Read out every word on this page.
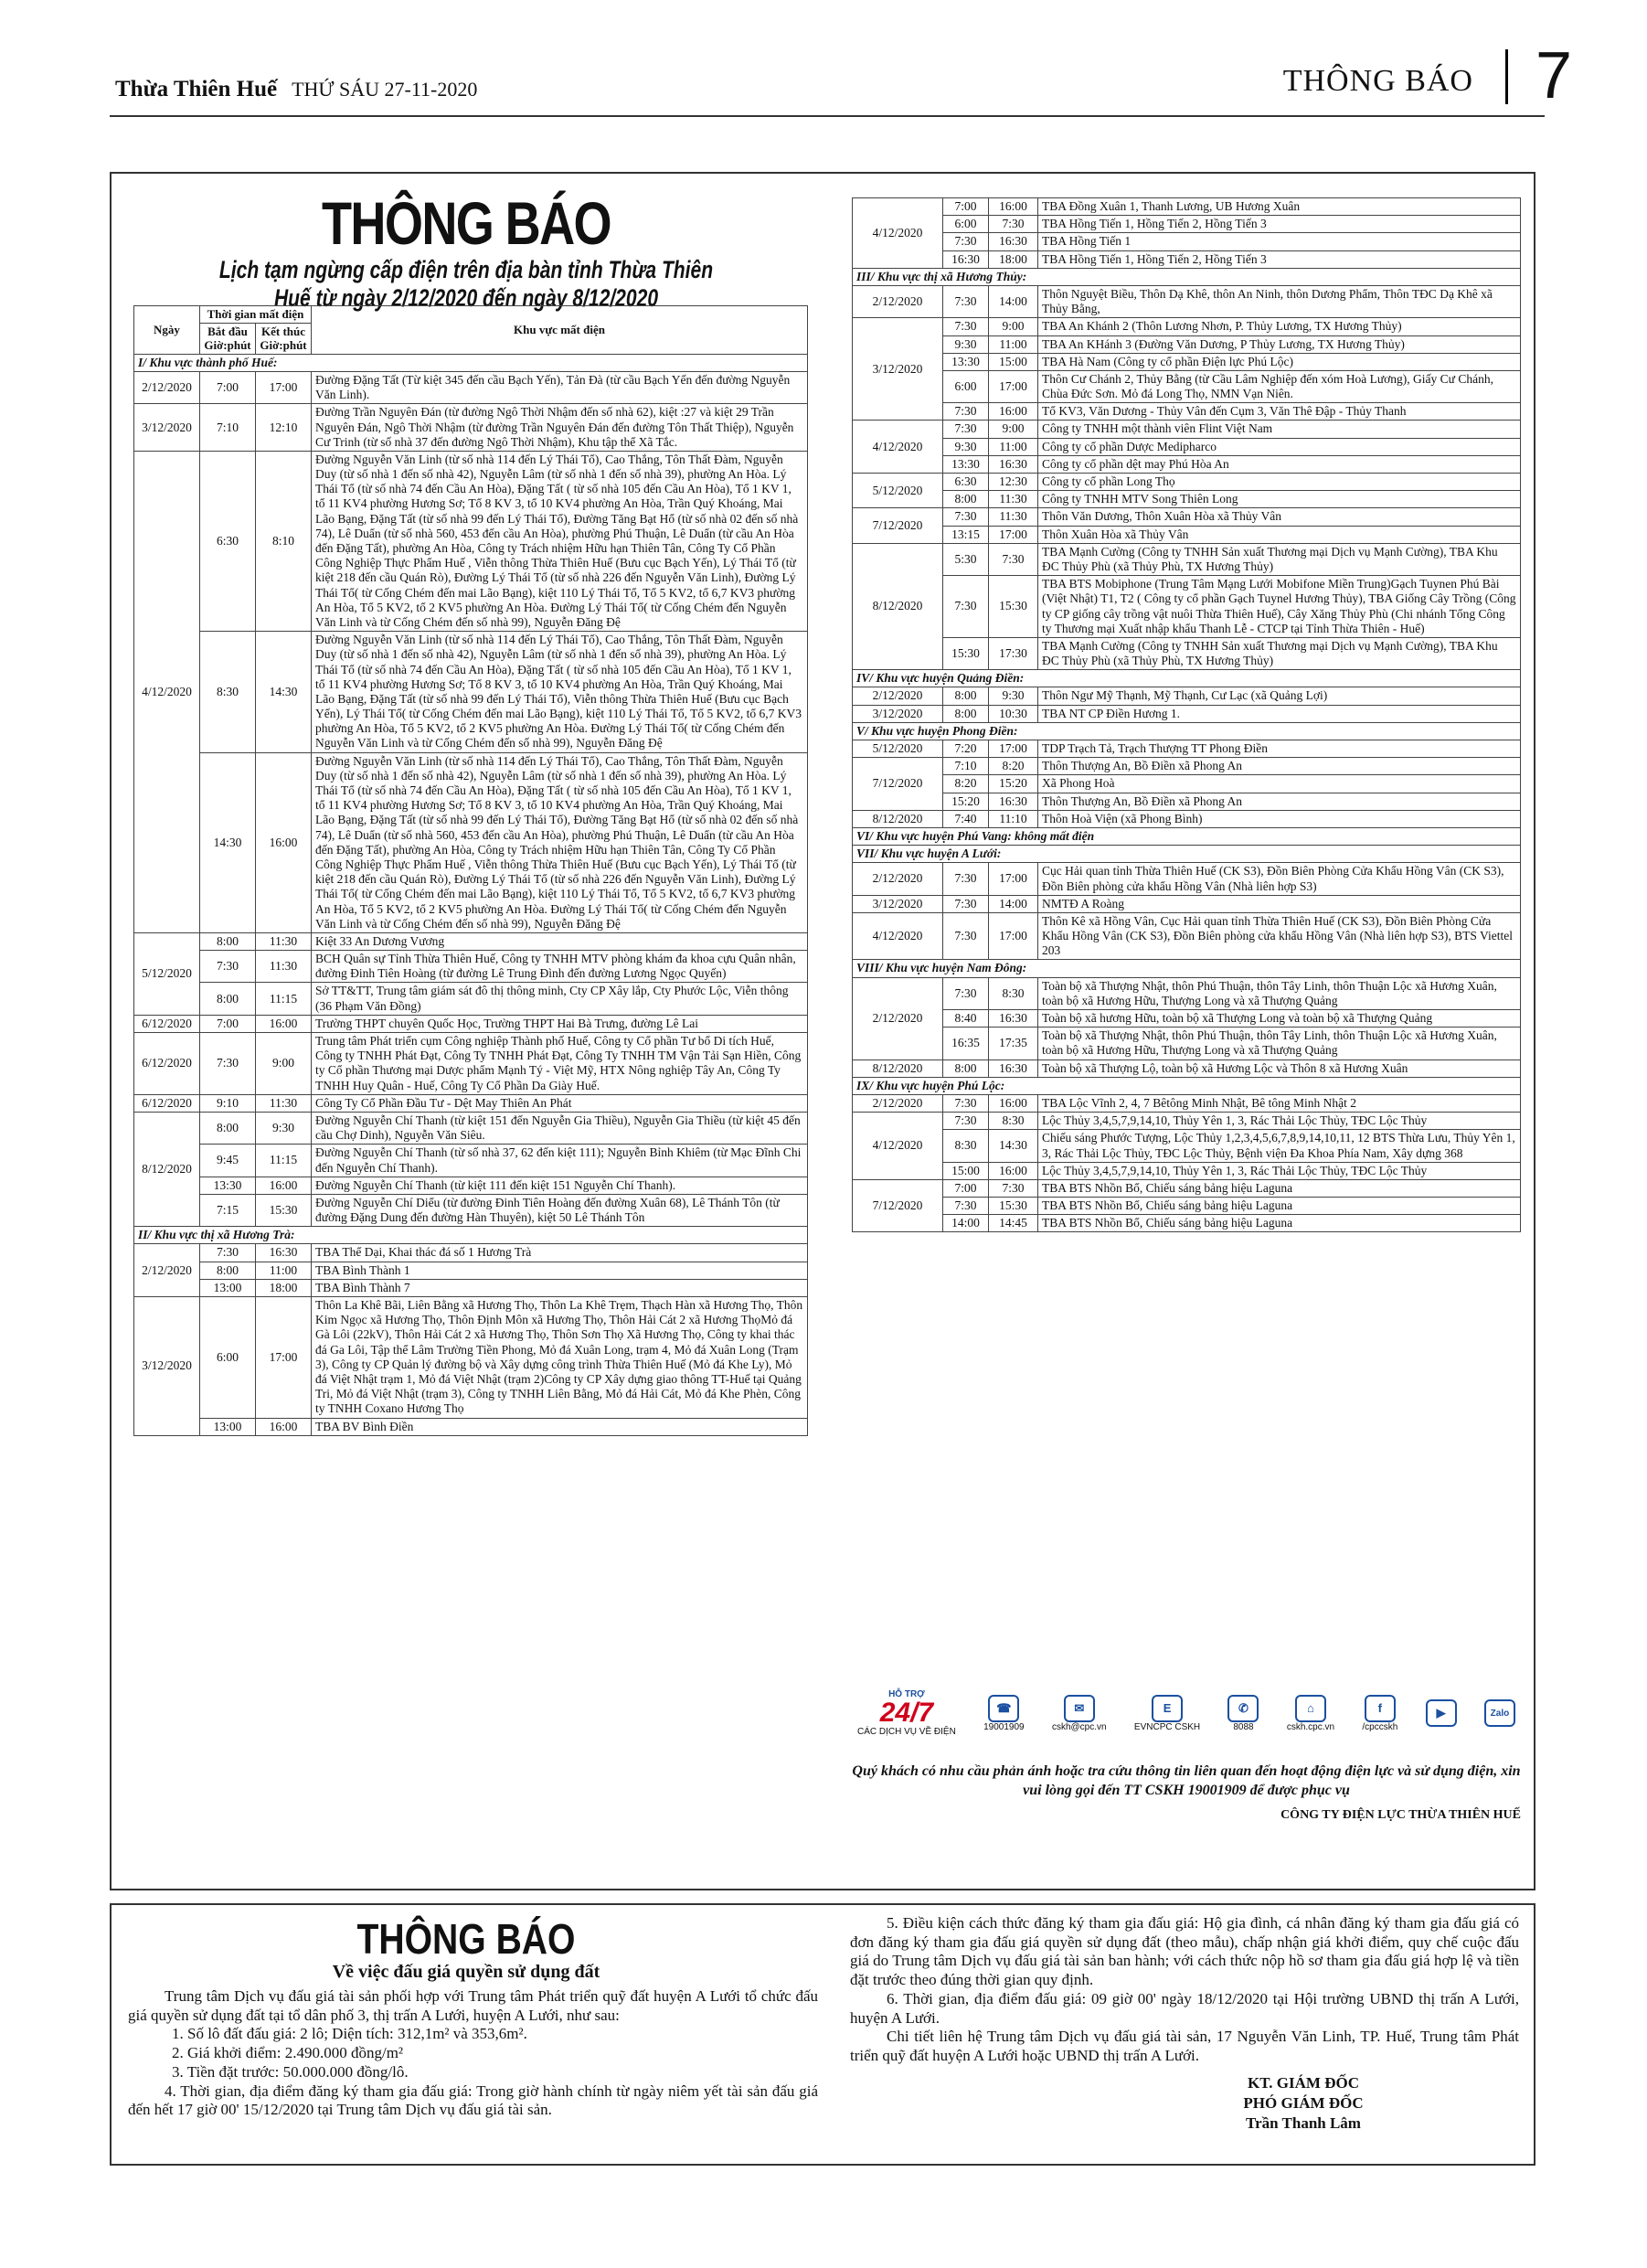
Thừa Thiên Huế THỨ SÁU 27-11-2020	THÔNG BÁO 7
THÔNG BÁO
Lịch tạm ngừng cấp điện trên địa bàn tỉnh Thừa Thiên Huế từ ngày 2/12/2020 đến ngày 8/12/2020
Ngày	Thời gian mất điện		Khu vực mất điện
	Bắt đầu Giờ:phút	Kết thúc Giờ:phút	
I/ Khu vực thành phố Huế:			
2/12/2020	7:00	17:00	Đường Đặng Tất (Từ kiệt 345 đến cầu Bạch Yến), Tản Đà (từ cầu Bạch Yến đến đường Nguyễn Văn Linh).
3/12/2020	7:10	12:10	Đường Trần Nguyên Đán (từ đường Ngô Thời Nhậm đến số nhà 62), kiệt :27 và kiệt 29 Trần Nguyên Đán, Ngô Thời Nhậm (từ đường Trần Nguyên Đán đến đường Tôn Thất Thiệp), Nguyễn Cư Trinh (từ số nhà 37 đến đường Ngô Thời Nhậm), Khu tập thể Xã Tắc.
4/12/2020	6:30	8:10	Đường Nguyễn Văn Linh (từ số nhà 114 đến Lý Thái Tổ), Cao Thắng, Tôn Thất Đàm, Nguyễn Duy (từ số nhà 1 đến số nhà 42), Nguyễn Lâm (từ số nhà 1 đến số nhà 39), phường An Hòa. Lý Thái Tổ (từ số nhà 74 đến Cầu An Hòa), Đặng Tất ( từ số nhà 105 đến Cầu An Hòa), Tổ 1 KV 1, tổ 11 KV4 phường Hương Sơ; Tổ 8 KV 3, tổ 10 KV4 phường An Hòa, Trần Quý Khoáng, Mai Lão Bạng, Đặng Tất (từ số nhà 99 đến Lý Thái Tổ), Đường Tăng Bạt Hổ (từ số nhà 02 đến số nhà 74), Lê Duẩn (từ số nhà 560, 453 đến cầu An Hòa), phường Phú Thuận, Lê Duẩn (từ cầu An Hòa đến Đặng Tất), phường An Hòa, Công ty Trách nhiệm Hữu hạn Thiên Tân, Công Ty Cổ Phần Công Nghiệp Thực Phẩm Huế , Viễn thông Thừa Thiên Huế (Bưu cục Bạch Yến), Lý Thái Tổ (từ kiệt 218 đến cầu Quán Rò), Đường Lý Thái Tổ (từ số nhà 226 đến Nguyễn Văn Linh), Đường Lý Thái Tổ( từ Cống Chém đến mai Lão Bạng), kiệt 110 Lý Thái Tổ, Tổ 5 KV2, tổ 6,7 KV3 phường An Hòa, Tổ 5 KV2, tổ 2 KV5 phường An Hòa. Đường Lý Thái Tổ( từ Cống Chém đến Nguyễn Văn Linh và từ Cống Chém đến số nhà 99), Nguyễn Đăng Đệ
	8:30	14:30	Đường Nguyễn Văn Linh (từ số nhà 114 đến Lý Thái Tổ), Cao Thắng, Tôn Thất Đàm, Nguyễn Duy (từ số nhà 1 đến số nhà 42), Nguyễn Lâm (từ số nhà 1 đến số nhà 39), phường An Hòa. Lý Thái Tổ (từ số nhà 74 đến Cầu An Hòa), Đặng Tất ( từ số nhà 105 đến Cầu An Hòa), Tổ 1 KV 1, tổ 11 KV4 phường Hương Sơ; Tổ 8 KV 3, tổ 10 KV4 phường An Hòa, Trần Quý Khoáng, Mai Lão Bạng, Đặng Tất (từ số nhà 99 đến Lý Thái Tổ), Viễn thông Thừa Thiên Huế (Bưu cục Bạch Yến), Lý Thái Tổ( từ Cống Chém đến mai Lão Bạng), kiệt 110 Lý Thái Tổ, Tổ 5 KV2, tổ 6,7 KV3 phường An Hòa, Tổ 5 KV2, tổ 2 KV5 phường An Hòa. Đường Lý Thái Tổ( từ Cống Chém đến Nguyễn Văn Linh và từ Cống Chém đến số nhà 99), Nguyễn Đăng Đệ
	14:30	16:00	Đường Nguyễn Văn Linh (từ số nhà 114 đến Lý Thái Tổ), Cao Thắng, Tôn Thất Đàm, Nguyễn Duy (từ số nhà 1 đến số nhà 42), Nguyễn Lâm (từ số nhà 1 đến số nhà 39), phường An Hòa. Lý Thái Tổ (từ số nhà 74 đến Cầu An Hòa), Đặng Tất ( từ số nhà 105 đến Cầu An Hòa), Tổ 1 KV 1, tổ 11 KV4 phường Hương Sơ; Tổ 8 KV 3, tổ 10 KV4 phường An Hòa, Trần Quý Khoáng, Mai Lão Bạng, Đặng Tất (từ số nhà 99 đến Lý Thái Tổ), Đường Tăng Bạt Hổ (từ số nhà 02 đến số nhà 74), Lê Duẩn (từ số nhà 560, 453 đến cầu An Hòa), phường Phú Thuận, Lê Duẩn (từ cầu An Hòa đến Đặng Tất), phường An Hòa, Công ty Trách nhiệm Hữu hạn Thiên Tân, Công Ty Cổ Phần Công Nghiệp Thực Phẩm Huế , Viễn thông Thừa Thiên Huế (Bưu cục Bạch Yến), Lý Thái Tổ (từ kiệt 218 đến cầu Quán Rò), Đường Lý Thái Tổ (từ số nhà 226 đến Nguyễn Văn Linh), Đường Lý Thái Tổ( từ Cống Chém đến mai Lão Bạng), kiệt 110 Lý Thái Tổ, Tổ 5 KV2, tổ 6,7 KV3 phường An Hòa, Tổ 5 KV2, tổ 2 KV5 phường An Hòa. Đường Lý Thái Tổ( từ Cống Chém đến Nguyễn Văn Linh và từ Cống Chém đến số nhà 99), Nguyễn Đăng Đệ
5/12/2020	8:00	11:30	Kiệt 33 An Dương Vương
	7:30	11:30	BCH Quân sự Tỉnh Thừa Thiên Huế, Công ty TNHH MTV phòng khám đa khoa cựu Quân nhân, đường Đinh Tiên Hoàng (từ đường Lê Trung Đình đến đường Lương Ngọc Quyến)
	8:00	11:15	Sở TT&TT, Trung tâm giám sát đô thị thông minh, Cty CP Xây lắp, Cty Phước Lộc, Viễn thông (36 Phạm Văn Đồng)
6/12/2020	7:00	16:00	Trường THPT chuyên Quốc Học, Trường THPT Hai Bà Trưng, đường Lê Lai
6/12/2020	7:30	9:00	Trung tâm Phát triển cụm Công nghiệp Thành phố Huế, Công ty Cổ phần Tư bổ Di tích Huế, Công ty TNHH Phát Đạt, Công Ty TNHH Phát Đạt, Công Ty TNHH TM Vận Tải Sạn Hiền, Công ty Cổ phần Thương mại Dược phẩm Mạnh Tý - Việt Mỹ, HTX Nông nghiệp Tây An, Công Ty TNHH Huy Quân - Huế, Công Ty Cổ Phần Da Giày Huế.
6/12/2020	9:10	11:30	Công Ty Cổ Phần Đầu Tư - Dệt May Thiên An Phát
8/12/2020	8:00	9:30	Đường Nguyễn Chí Thanh (từ kiệt 151 đến Nguyễn Gia Thiều), Nguyễn Gia Thiều (từ kiệt 45 đến cầu Chợ Dinh), Nguyễn Văn Siêu.
	9:45	11:15	Đường Nguyễn Chí Thanh (từ số nhà 37, 62 đến kiệt 111); Nguyễn Bỉnh Khiêm (từ Mạc Đĩnh Chi đến Nguyễn Chí Thanh).
	13:30	16:00	Đường Nguyễn Chí Thanh (từ kiệt 111 đến kiệt 151 Nguyễn Chí Thanh).
	7:15	15:30	Đường Nguyễn Chí Diểu (từ đường Đinh Tiên Hoàng đến đường Xuân 68), Lê Thánh Tôn (từ đường Đặng Dung đến đường Hàn Thuyên), kiệt 50 Lê Thánh Tôn
II/ Khu vực thị xã Hương Trà:			
2/12/2020	7:30	16:30	TBA Thể Dại, Khai thác đá số 1 Hương Trà
	8:00	11:00	TBA Bình Thành 1
	13:00	18:00	TBA Bình Thành 7
3/12/2020	6:00	17:00	Thôn La Khê Bãi, Liên Bằng xã Hương Thọ, Thôn La Khê Trẹm, Thạch Hàn xã Hương Thọ, Thôn Kim Ngọc xã Hương Thọ, Thôn Định Môn xã Hương Thọ, Thôn Hải Cát 2 xã Hương ThọMỏ đá Gà Lôi (22kV), Thôn Hải Cát 2 xã Hương Thọ, Thôn Sơn Thọ Xã Hương Thọ, Công ty khai thác đá Ga Lôi, Tập thể Lâm Trường Tiền Phong, Mỏ đá Xuân Long, trạm 4, Mỏ đá Xuân Long (Trạm 3), Công ty CP Quản lý đường bộ và Xây dựng công trình Thừa Thiên Huế (Mỏ đá Khe Ly), Mỏ đá Việt Nhật trạm 1, Mỏ đá Việt Nhật (trạm 2)Công ty CP Xây dựng giao thông TT-Huế tại Quảng Tri, Mỏ đá Việt Nhật (trạm 3), Công ty TNHH Liên Bằng, Mỏ đá Hải Cát, Mỏ đá Khe Phèn, Công ty TNHH Coxano Hương Thọ
	13:00	16:00	TBA BV Bình Điền
4/12/2020	7:00	16:00	TBA Đồng Xuân 1, Thanh Lương, UB Hương Xuân
	6:00	7:30	TBA Hồng Tiến 1, Hồng Tiến 2, Hồng Tiến 3
	7:30	16:30	TBA Hồng Tiến 1
	16:30	18:00	TBA Hồng Tiến 1, Hồng Tiến 2, Hồng Tiến 3
III/ Khu vực thị xã Hương Thủy:			
2/12/2020	7:30	14:00	Thôn Nguyệt Biều, Thôn Dạ Khê, thôn An Ninh, thôn Dương Phẩm, Thôn TĐC Dạ Khê xã Thủy Bằng,
3/12/2020	7:30	9:00	TBA An Khánh 2 (Thôn Lương Nhơn, P. Thủy Lương, TX Hương Thủy)
	9:30	11:00	TBA An KHánh 3 (Đường Văn Dương, P Thủy Lương, TX Hương Thủy)
	13:30	15:00	TBA Hà Nam (Công ty cổ phần Điện lực Phú Lộc)
	6:00	17:00	Thôn Cư Chánh 2, Thủy Bằng (từ Cầu Lâm Nghiệp đến xóm Hoà Lương), Giấy Cư Chánh, Chùa Đức Sơn. Mỏ đá Long Thọ, NMN Vạn Niên.
	7:30	16:00	Tổ KV3, Văn Dương - Thủy Vân đến Cụm 3, Văn Thê Đập - Thủy Thanh
4/12/2020	7:30	9:00	Công ty TNHH một thành viên Flint Việt Nam
	9:30	11:00	Công ty cổ phần Dược Medipharco
	13:30	16:30	Công ty cổ phần dệt may Phú Hòa An
5/12/2020	6:30	12:30	Công ty cổ phần Long Thọ
	8:00	11:30	Công ty TNHH MTV Song Thiên Long
7/12/2020	7:30	11:30	Thôn Văn Dương, Thôn Xuân Hòa xã Thủy Vân
	13:15	17:00	Thôn Xuân Hòa xã Thủy Vân
8/12/2020	5:30	7:30	TBA Mạnh Cường (Công ty TNHH Sản xuất Thương mại Dịch vụ Mạnh Cường), TBA Khu ĐC Thủy Phù (xã Thủy Phù, TX Hương Thủy)
	7:30	15:30	TBA BTS Mobiphone (Trung Tâm Mạng Lưới Mobifone Miền Trung)Gạch Tuynen Phú Bài (Việt Nhật) T1, T2 ( Công ty cổ phần Gạch Tuynel Hương Thủy), TBA Giống Cây Trồng (Công ty CP giống cây trồng vật nuôi Thừa Thiên Huế), Cây Xăng Thủy Phù (Chi nhánh Tổng Công ty Thương mại Xuất nhập khẩu Thanh Lễ - CTCP tại Tỉnh Thừa Thiên - Huế)
	15:30	17:30	TBA Mạnh Cường (Công ty TNHH Sản xuất Thương mại Dịch vụ Mạnh Cường), TBA Khu ĐC Thủy Phù (xã Thủy Phù, TX Hương Thủy)
IV/ Khu vực huyện Quảng Điền:			
2/12/2020	8:00	9:30	Thôn Ngư Mỹ Thạnh, Mỹ Thạnh, Cư Lạc (xã Quảng Lợi)
3/12/2020	8:00	10:30	TBA NT CP Điền Hương 1.
V/ Khu vực huyện Phong Điền:			
5/12/2020	7:20	17:00	TDP Trạch Tả, Trạch Thượng TT Phong Điền
7/12/2020	7:10	8:20	Thôn Thượng An, Bồ Điền xã Phong An
	8:20	15:20	Xã Phong Hoà
	15:20	16:30	Thôn Thượng An, Bồ Điền xã Phong An
8/12/2020	7:40	11:10	Thôn Hoà Viện (xã Phong Bình)
VI/ Khu vực huyện Phú Vang: không mất điện			
VII/ Khu vực huyện A Lưới:			
2/12/2020	7:30	17:00	Cục Hải quan tỉnh Thừa Thiên Huế (CK S3), Đồn Biên Phòng Cửa Khẩu Hồng Vân (CK S3), Đồn Biên phòng cửa khẩu Hồng Vân (Nhà liên hợp S3)
3/12/2020	7:30	14:00	NMTĐ A Roàng
4/12/2020	7:30	17:00	Thôn Kê xã Hồng Vân, Cục Hải quan tỉnh Thừa Thiên Huế (CK S3), Đồn Biên Phòng Cửa Khẩu Hồng Vân (CK S3), Đồn Biên phòng cửa khẩu Hồng Vân (Nhà liên hợp S3), BTS Viettel 203
VIII/ Khu vực huyện Nam Đông:			
2/12/2020	7:30	8:30	Toàn bộ xã Thượng Nhật, thôn Phú Thuận, thôn Tây Linh, thôn Thuận Lộc xã Hương Xuân, toàn bộ xã Hương Hữu, Thượng Long và xã Thượng Quảng
	8:40	16:30	Toàn bộ xã hương Hữu, toàn bộ xã Thượng Long và toàn bộ xã Thượng Quảng
	16:35	17:35	Toàn bộ xã Thượng Nhật, thôn Phú Thuận, thôn Tây Linh, thôn Thuận Lộc xã Hương Xuân, toàn bộ xã Hương Hữu, Thượng Long và xã Thượng Quảng
8/12/2020	8:00	16:30	Toàn bộ xã Thượng Lộ, toàn bộ xã Hương Lộc và Thôn 8 xã Hương Xuân
IX/ Khu vực huyện Phú Lộc:			
2/12/2020	7:30	16:00	TBA Lộc Vĩnh 2, 4, 7 Bêtông Minh Nhật, Bê tông Minh Nhật 2
4/12/2020	7:30	8:30	Lộc Thủy 3,4,5,7,9,14,10, Thủy Yên 1, 3, Rác Thải Lộc Thủy, TĐC Lộc Thủy
	8:30	14:30	Chiếu sáng Phước Tượng, Lộc Thủy 1,2,3,4,5,6,7,8,9,14,10,11, 12 BTS Thừa Lưu, Thủy Yên 1, 3, Rác Thải Lộc Thủy, TĐC Lộc Thủy, Bệnh viện Đa Khoa Phía Nam, Xây dựng 368
	15:00	16:00	Lộc Thủy 3,4,5,7,9,14,10, Thủy Yên 1, 3, Rác Thải Lộc Thủy, TĐC Lộc Thủy
7/12/2020	7:00	7:30	TBA BTS Nhồn Bổ, Chiếu sáng bảng hiệu Laguna
	7:30	15:30	TBA BTS Nhồn Bổ, Chiếu sáng bảng hiệu Laguna
	14:00	14:45	TBA BTS Nhồn Bổ, Chiếu sáng bảng hiệu Laguna
HỖ TRỢ
24/7
CÁC DỊCH VỤ VỀ ĐIỆN
☎
19001909
✉
cskh@cpc.vn
E
EVNCPC CSKH
✆
8088
⌂
cskh.cpc.vn
f
/cpccskh
▶	Zalo
Quý khách có nhu cầu phản ánh hoặc tra cứu thông tin liên quan đến hoạt động điện lực và sử dụng điện, xin vui lòng gọi đến TT CSKH 19001909 để được phục vụ
CÔNG TY ĐIỆN LỰC THỪA THIÊN HUẾ
THÔNG BÁO
Về việc đấu giá quyền sử dụng đất

Trung tâm Dịch vụ đấu giá tài sản phối hợp với Trung tâm Phát triển quỹ đất huyện A Lưới tổ chức đấu giá quyền sử dụng đất tại tổ dân phố 3, thị trấn A Lưới, huyện A Lưới, như sau:

1. Số lô đất đấu giá: 2 lô; Diện tích: 312,1m² và 353,6m².

2. Giá khởi điểm: 2.490.000 đồng/m²

3. Tiền đặt trước: 50.000.000 đồng/lô.

4. Thời gian, địa điểm đăng ký tham gia đấu giá: Trong giờ hành chính từ ngày niêm yết tài sản đấu giá đến hết 17 giờ 00' 15/12/2020 tại Trung tâm Dịch vụ đấu giá tài sản.

5. Điều kiện cách thức đăng ký tham gia đấu giá: Hộ gia đình, cá nhân đăng ký tham gia đấu giá có đơn đăng ký tham gia đấu giá quyền sử dụng đất (theo mẫu), chấp nhận giá khởi điểm, quy chế cuộc đấu giá do Trung tâm Dịch vụ đấu giá tài sản ban hành; với cách thức nộp hồ sơ tham gia đấu giá hợp lệ và tiền đặt trước theo đúng thời gian quy định.

6. Thời gian, địa điểm đấu giá: 09 giờ 00' ngày 18/12/2020 tại Hội trường UBND thị trấn A Lưới, huyện A Lưới.

Chi tiết liên hệ Trung tâm Dịch vụ đấu giá tài sản, 17 Nguyễn Văn Linh, TP. Huế, Trung tâm Phát triển quỹ đất huyện A Lưới hoặc UBND thị trấn A Lưới.

KT. GIÁM ĐỐC
PHÓ GIÁM ĐỐC
Trần Thanh Lâm
